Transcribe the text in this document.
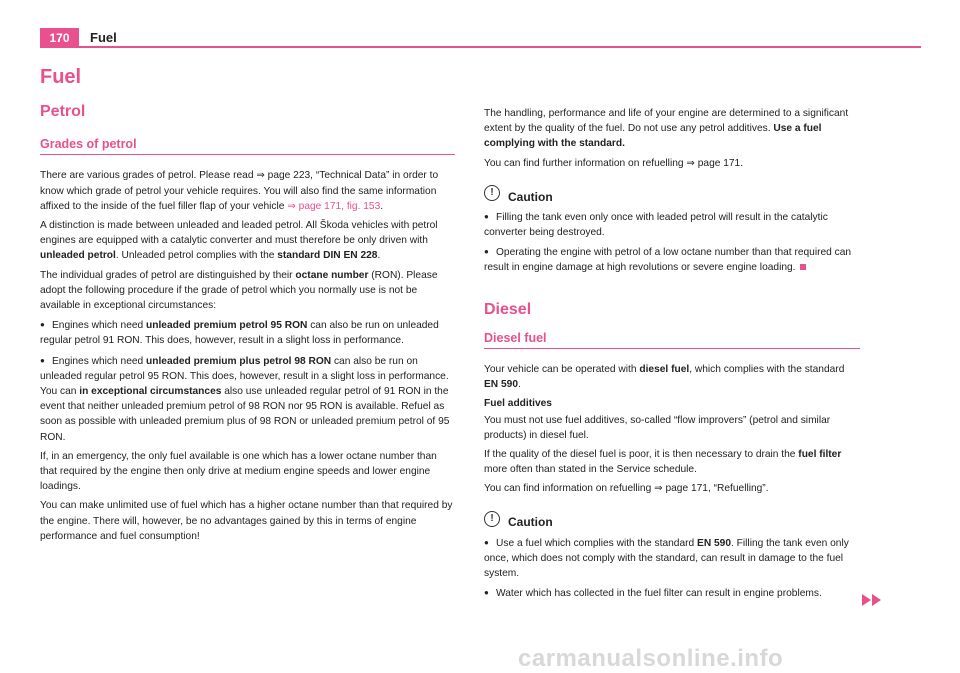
170	Fuel
Fuel
Petrol
Grades of petrol
There are various grades of petrol. Please read ⇒ page 223, “Technical Data” in order to know which grade of petrol your vehicle requires. You will also find the same information affixed to the inside of the fuel filler flap of your vehicle ⇒ page 171, fig. 153.
A distinction is made between unleaded and leaded petrol. All Škoda vehicles with petrol engines are equipped with a catalytic converter and must therefore be only driven with unleaded petrol. Unleaded petrol complies with the standard DIN EN 228.
The individual grades of petrol are distinguished by their octane number (RON). Please adopt the following procedure if the grade of petrol which you normally use is not be available in exceptional circumstances:
● Engines which need unleaded premium petrol 95 RON can also be run on unleaded regular petrol 91 RON. This does, however, result in a slight loss in performance.
● Engines which need unleaded premium plus petrol 98 RON can also be run on unleaded regular petrol 95 RON. This does, however, result in a slight loss in performance. You can in exceptional circumstances also use unleaded regular petrol of 91 RON in the event that neither unleaded premium petrol of 98 RON nor 95 RON is available. Refuel as soon as possible with unleaded premium plus of 98 RON or unleaded premium petrol of 95 RON.
If, in an emergency, the only fuel available is one which has a lower octane number than that required by the engine then only drive at medium engine speeds and lower engine loadings.
You can make unlimited use of fuel which has a higher octane number than that required by the engine. There will, however, be no advantages gained by this in terms of engine performance and fuel consumption!
The handling, performance and life of your engine are determined to a significant extent by the quality of the fuel. Do not use any petrol additives. Use a fuel complying with the standard.
You can find further information on refuelling ⇒ page 171.
!	Caution
● Filling the tank even only once with leaded petrol will result in the catalytic converter being destroyed.
● Operating the engine with petrol of a low octane number than that required can result in engine damage at high revolutions or severe engine loading.
Diesel
Diesel fuel
Your vehicle can be operated with diesel fuel, which complies with the standard EN 590.
Fuel additives
You must not use fuel additives, so-called “flow improvers” (petrol and similar products) in diesel fuel.
If the quality of the diesel fuel is poor, it is then necessary to drain the fuel filter more often than stated in the Service schedule.
You can find information on refuelling ⇒ page 171, “Refuelling”.
!	Caution
● Use a fuel which complies with the standard EN 590. Filling the tank even only once, which does not comply with the standard, can result in damage to the fuel system.
● Water which has collected in the fuel filter can result in engine problems.
carmanualsonline.info
